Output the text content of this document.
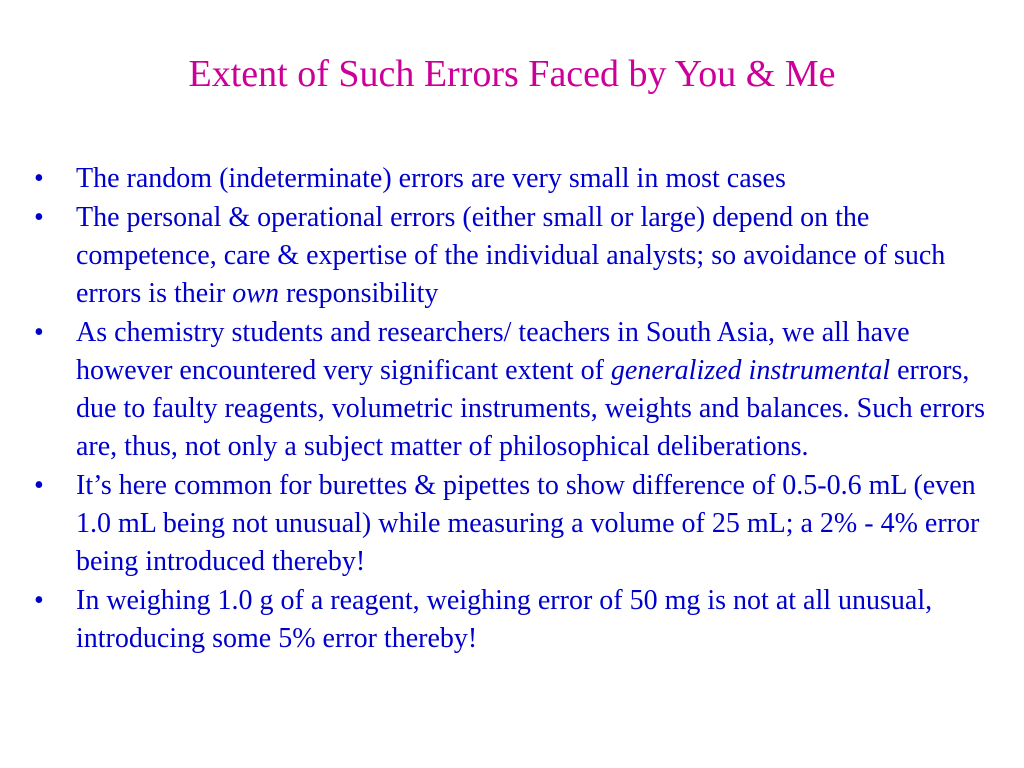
Extent of Such Errors Faced by You & Me
• The random (indeterminate) errors are very small in most cases
• The personal & operational errors (either small or large) depend on the competence, care & expertise of the individual analysts; so avoidance of such errors is their own responsibility
• As chemistry students and researchers/ teachers in South Asia, we all have however encountered very significant extent of generalized instrumental errors, due to faulty reagents, volumetric instruments, weights and balances. Such errors are, thus, not only a subject matter of philosophical deliberations.
• It’s here common for burettes & pipettes to show difference of 0.5-0.6 mL (even 1.0 mL being not unusual) while measuring a volume of 25 mL; a 2% - 4% error being introduced thereby!
• In weighing 1.0 g of a reagent, weighing error of 50 mg is not at all unusual, introducing some 5% error thereby!
